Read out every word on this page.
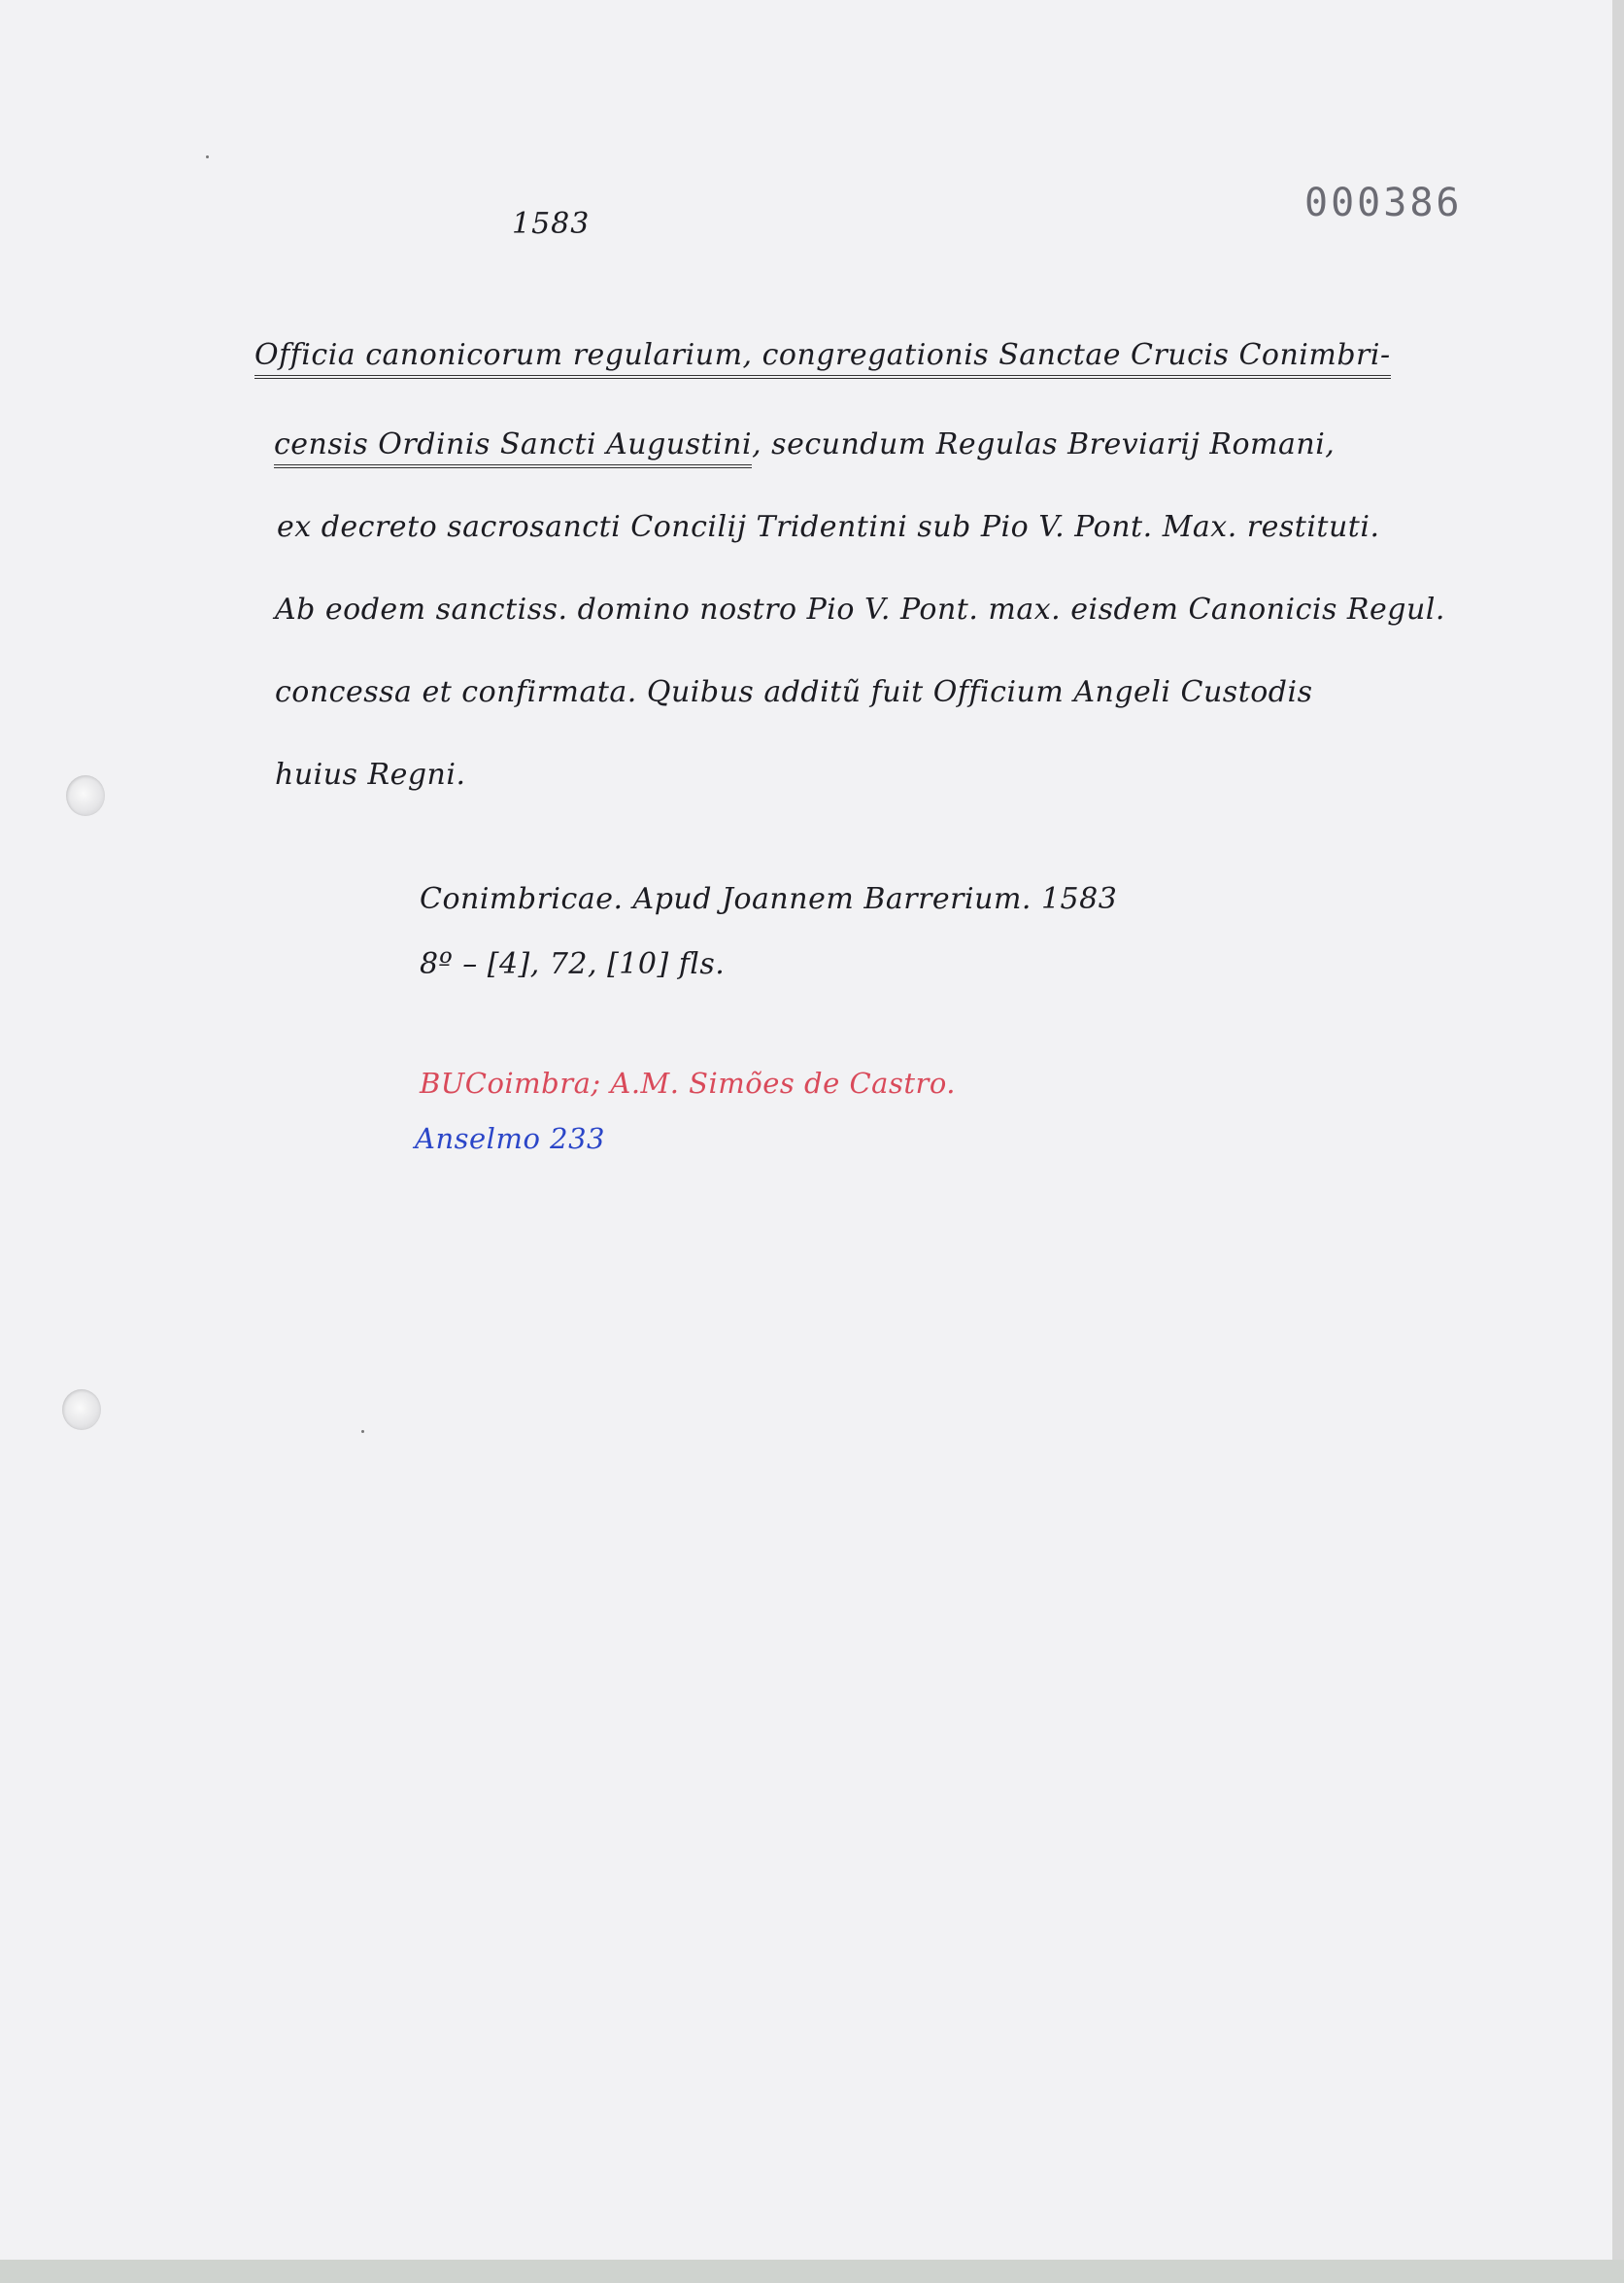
1583	000386
Officia canonicorum regularium, congregationis Sanctae Crucis Conimbri-
censis Ordinis Sancti Augustini, secundum Regulas Breviarij Romani,
ex decreto sacrosancti Concilij Tridentini sub Pio V. Pont. Max. restituti.
Ab eodem sanctiss. domino nostro Pio V. Pont. max. eisdem Canonicis Regul.
concessa et confirmata. Quibus additũ fuit Officium Angeli Custodis
huius Regni.
Conimbricae. Apud Joannem Barrerium. 1583
8º – [4], 72, [10] fls.
BUCoimbra; A.M. Simões de Castro.
Anselmo 233
